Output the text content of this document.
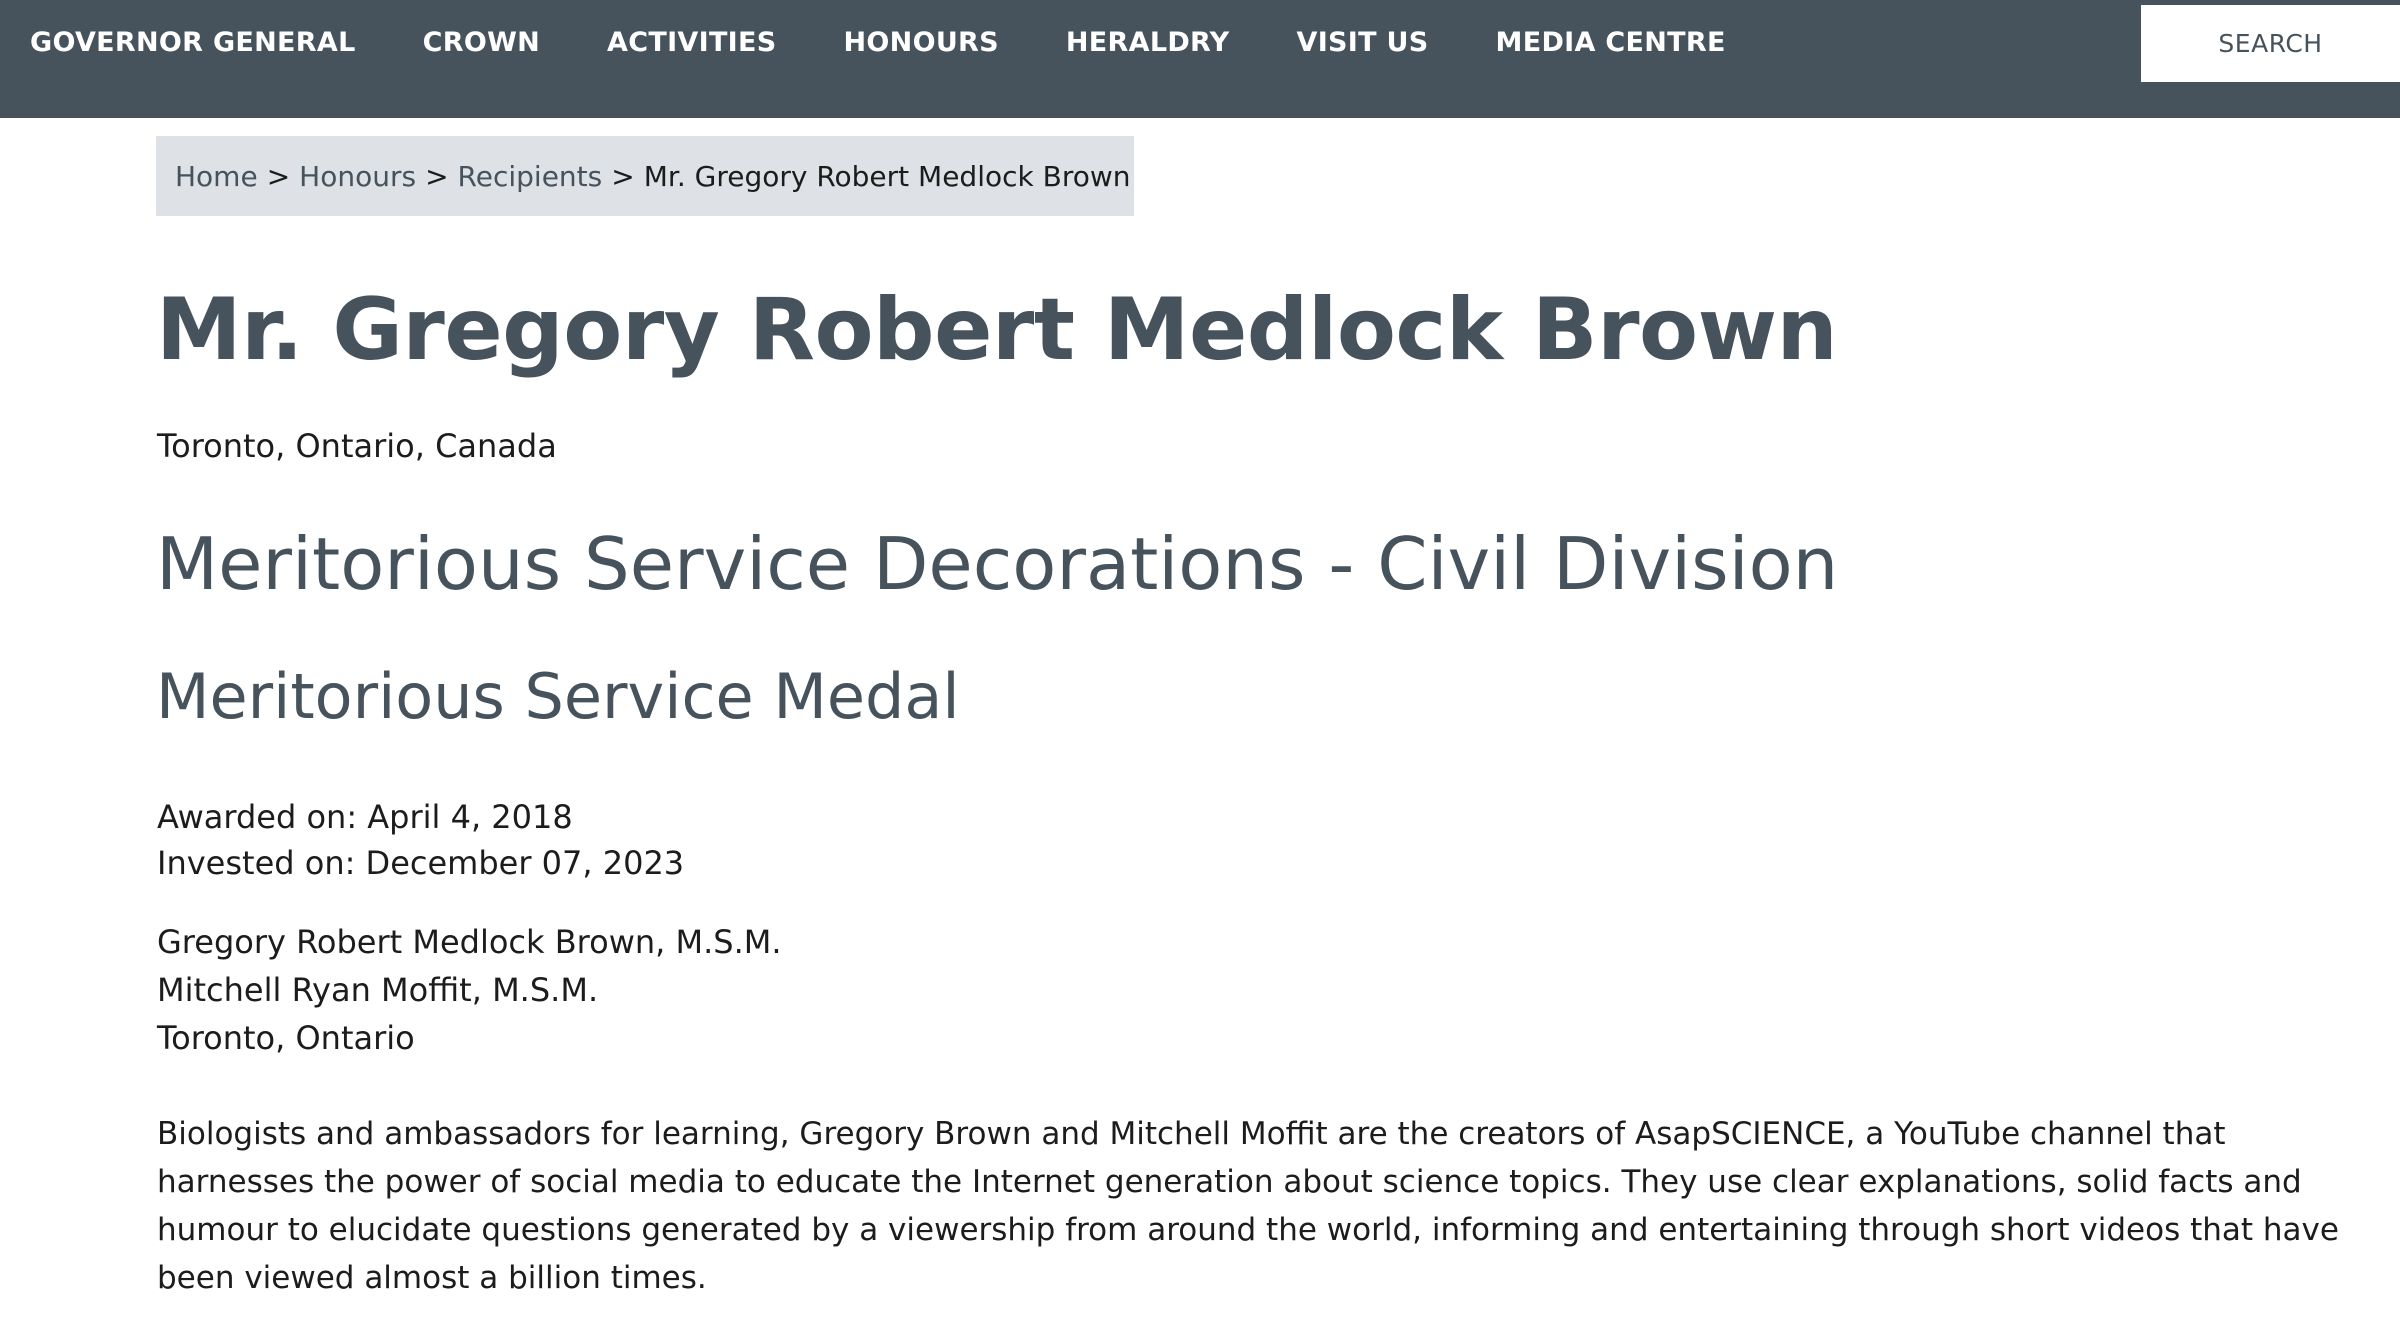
GOVERNOR GENERAL CROWN ACTIVITIES HONOURS HERALDRY VISIT US MEDIA CENTRE	SEARCH
Home > Honours > Recipients > Mr. Gregory Robert Medlock Brown
Mr. Gregory Robert Medlock Brown
Toronto, Ontario, Canada
Meritorious Service Decorations - Civil Division
Meritorious Service Medal
Awarded on: April 4, 2018
Invested on: December 07, 2023
Gregory Robert Medlock Brown, M.S.M.
Mitchell Ryan Moffit, M.S.M.
Toronto, Ontario

Biologists and ambassadors for learning, Gregory Brown and Mitchell Moffit are the creators of AsapSCIENCE, a YouTube channel that
harnesses the power of social media to educate the Internet generation about science topics. They use clear explanations, solid facts and
humour to elucidate questions generated by a viewership from around the world, informing and entertaining through short videos that have
been viewed almost a billion times.
